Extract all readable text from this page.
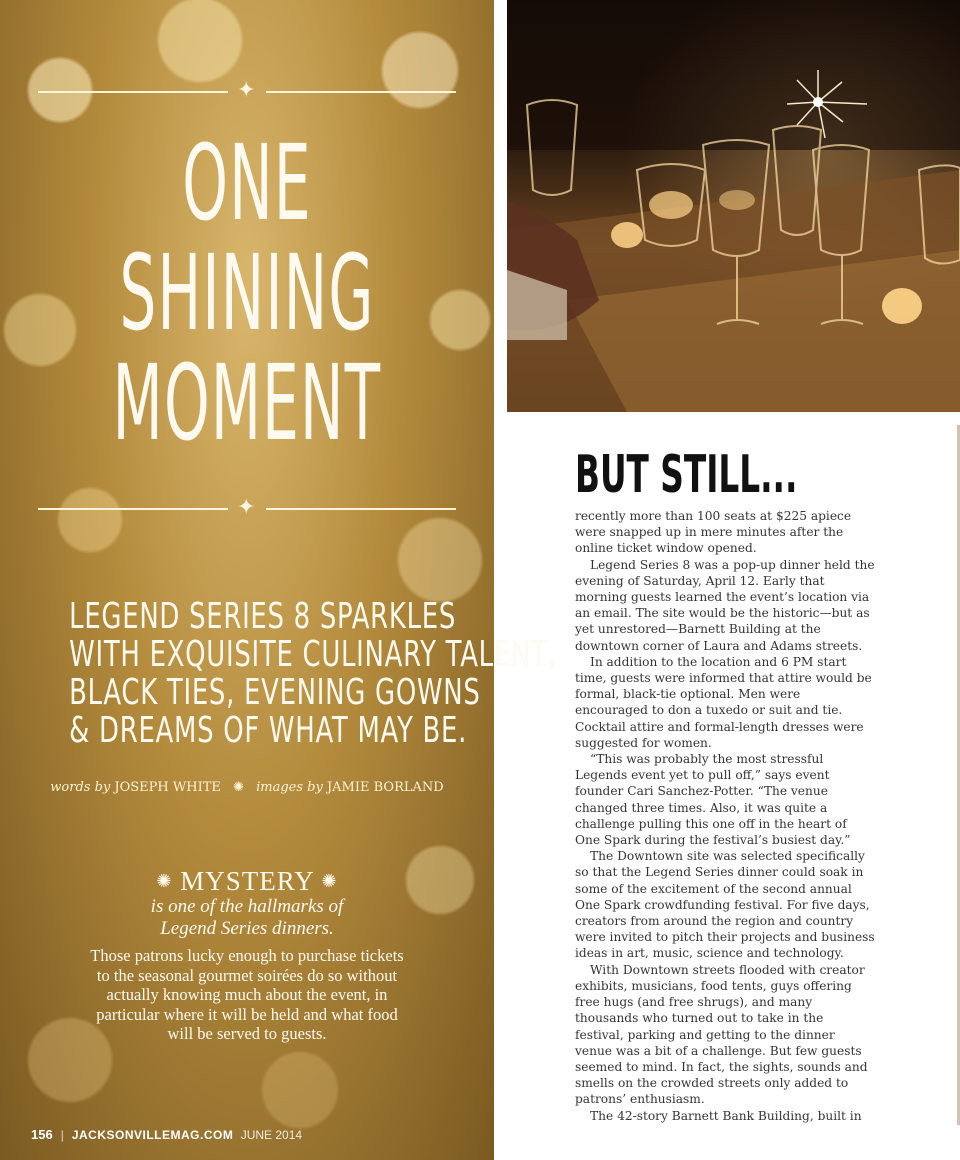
✦
ONE
SHINING
MOMENT
✦
LEGEND SERIES 8 SPARKLES
WITH EXQUISITE CULINARY TALENT,
BLACK TIES, EVENING GOWNS
& DREAMS OF WHAT MAY BE.
words by JOSEPH WHITE ✺ images by JAMIE BORLAND
✺ MYSTERY ✺
is one of the hallmarks of
Legend Series dinners.
Those patrons lucky enough to purchase tickets to the seasonal gourmet soirées do so without actually knowing much about the event, in particular where it will be held and what food will be served to guests.
156 | JACKSONVILLEMAG.COM JUNE 2014
BUT STILL...

recently more than 100 seats at $225 apiece were snapped up in mere minutes after the online ticket window opened.

Legend Series 8 was a pop-up dinner held the evening of Saturday, April 12. Early that morning guests learned the event’s location via an email. The site would be the historic—but as yet unrestored—Barnett Building at the downtown corner of Laura and Adams streets.

In addition to the location and 6 PM start time, guests were informed that attire would be formal, black-tie optional. Men were encouraged to don a tuxedo or suit and tie. Cocktail attire and formal-length dresses were suggested for women.

“This was probably the most stressful Legends event yet to pull off,” says event founder Cari Sanchez-Potter. “The venue changed three times. Also, it was quite a challenge pulling this one off in the heart of One Spark during the festival’s busiest day.”

The Downtown site was selected specifically so that the Legend Series dinner could soak in some of the excitement of the second annual One Spark crowdfunding festival. For five days, creators from around the region and country were invited to pitch their projects and business ideas in art, music, science and technology.

With Downtown streets flooded with creator exhibits, musicians, food tents, guys offering free hugs (and free shrugs), and many thousands who turned out to take in the festival, parking and getting to the dinner venue was a bit of a challenge. But few guests seemed to mind. In fact, the sights, sounds and smells on the crowded streets only added to patrons’ enthusiasm.

The 42-story Barnett Bank Building, built in
